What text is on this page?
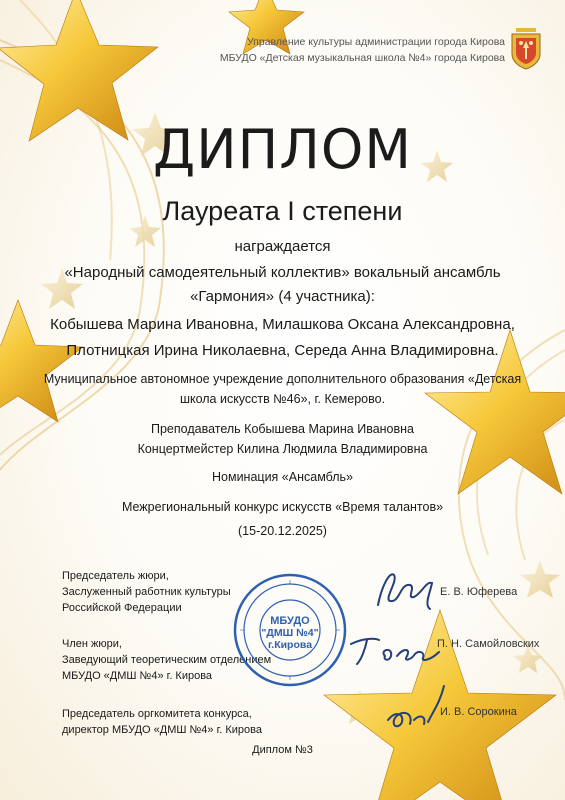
Управление культуры администрации города Кирова
МБУДО «Детская музыкальная школа №4» города Кирова
ДИПЛОМ
Лауреата I степени
награждается
«Народный самодеятельный коллектив» вокальный ансамбль
«Гармония» (4 участника):
Кобышева Марина Ивановна, Милашкова Оксана Александровна,
Плотницкая Ирина Николаевна, Середа Анна Владимировна.
Муниципальное автономное учреждение дополнительного образования «Детская
школа искусств №46», г. Кемерово.
Преподаватель Кобышева Марина Ивановна
Концертмейстер Килина Людмила Владимировна
Номинация «Ансамбль»
Межрегиональный конкурс искусств «Время талантов»
(15-20.12.2025)
Председатель жюри,
Заслуженный работник культуры
Российской Федерации
Е. В. Юферева
Член жюри,
Заведующий теоретическим отделением
МБУДО «ДМШ №4» г. Кирова
П. Н. Самойловских
Председатель оргкомитета конкурса,
директор МБУДО «ДМШ №4» г. Кирова
И. В. Сорокина
МБУДО
"ДМШ №4"
г.Кирова
Диплом №3
